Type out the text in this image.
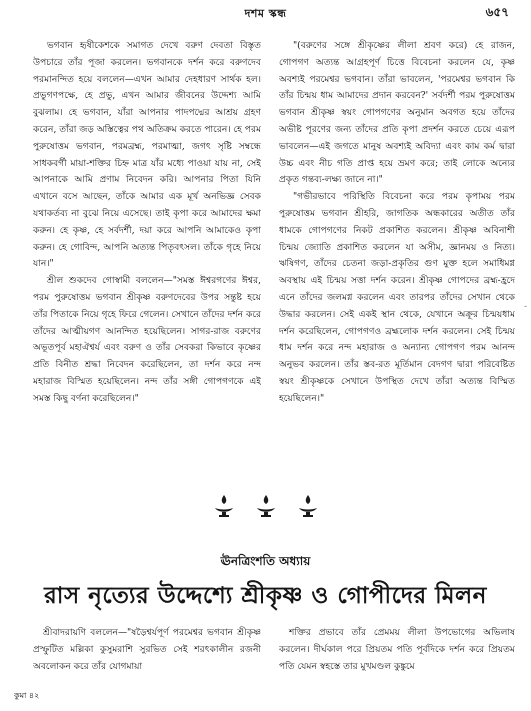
দশম স্কন্ধ	৬৫৭

ভগবান হৃষীকেশকে সমাগত দেখে বরুণ দেবতা বিস্তৃত উপচারে তাঁর পূজা করলেন। ভগবানকে দর্শন করে বরুণদেব পরমানন্দিত হয়ে বললেন—এখন আমার দেহধারণ সার্থক হল। প্রভুগণপক্ষে, হে প্রভু, এখন আমার জীবনের উদ্দেশ্য আমি বুঝলাম। হে ভগবান, যাঁরা আপনার পাদপদ্মের আশ্রয় গ্রহণ করেন, তাঁরা জড় অস্তিত্বের পথ অতিক্রম করতে পারেন। হে পরম পুরুষোত্তম ভগবান, পরমব্রহ্ম, পরমাত্মা, জগৎ সৃষ্টি সম্বন্ধে সাধকবর্গী মায়া-শক্তির চিহ্ন মাত্র যাঁর মধ্যে পাওয়া যায় না, সেই আপনাকে আমি প্রণাম নিবেদন করি। আপনার পিতা যিনি এখানে বসে আছেন, তাঁকে আমার এক মূর্খ অনভিজ্ঞ সেবক যথাকর্তব্য না বুঝে নিয়ে এসেছে। তাই কৃপা করে আমাদের ক্ষমা করুন। হে কৃষ্ণ, হে সর্বদর্শী, দয়া করে আপনি আমাকেও কৃপা করুন। হে গোবিন্দ, আপনি অত্যন্ত পিতৃবৎসল। তাঁকে গৃহে নিয়ে যান।"

শ্রীল শুকদেব গোস্বামী বললেন—"সমস্ত ঈশ্বরগণের ঈশ্বর, পরম পুরুষোত্তম ভগবান শ্রীকৃষ্ণ বরুণদেবের উপর সন্তুষ্ট হয়ে তাঁর পিতাকে নিয়ে গৃহে ফিরে গেলেন। সেখানে তাঁদের দর্শন করে তাঁদের আত্মীয়গণ আনন্দিত হয়েছিলেন। সাগর-রাজ বরুণের অভূতপূর্ব মহাঐশ্বর্য এবং বরুণ ও তাঁর সেবকরা কিভাবে কৃষ্ণের প্রতি বিনীত শ্রদ্ধা নিবেদন করেছিলেন, তা দর্শন করে নন্দ মহারাজ বিস্মিত হয়েছিলেন। নন্দ তাঁর সঙ্গী গোপগণকে এই সমস্ত কিছু বর্ণনা করেছিলেন।"

"(বরুণের সঙ্গে শ্রীকৃষ্ণের লীলা শ্রবণ করে) হে রাজন, গোপগণ অত্যন্ত আগ্রহপূর্ণ চিত্তে বিবেচনা করলেন যে, কৃষ্ণ অবশ্যই পরমেশ্বর ভগবান। তাঁরা ভাবলেন, 'পরমেশ্বর ভগবান কি তাঁর চিন্ময় ধাম আমাদের প্রদান করবেন?' সর্বদর্শী পরম পুরুষোত্তম ভগবান শ্রীকৃষ্ণ স্বয়ং গোপগণের অনুমান অবগত হয়ে তাঁদের অভীষ্ট পূরণের জন্য তাঁদের প্রতি কৃপা প্রদর্শন করতে চেয়ে এরূপ ভাবলেন—এই জগতে মানুষ অবশ্যই অবিদ্যা এবং কাম কর্ম দ্বারা উচ্চ এবং নীচ গতি প্রাপ্ত হয়ে ভ্রমণ করে; তাই লোকে অন্যের প্রকৃত গন্তব্য-লক্ষ্য জানে না।"

"গভীরভাবে পরিস্থিতি বিবেচনা করে পরম কৃপাময় পরম পুরুষোত্তম ভগবান শ্রীহরি, জাগতিক অন্ধকারের অতীত তাঁর ধামকে গোপগণের নিকট প্রকাশিত করলেন। শ্রীকৃষ্ণ অবিনাশী চিন্ময় জ্যোতি প্রকাশিত করলেন যা অসীম, জ্ঞানময় ও নিত্য। ঋষিগণ, তাঁদের চেতনা জড়া-প্রকৃতির গুণ মুক্ত হলে সমাধিমগ্ন অবস্থায় এই চিন্ময় সত্তা দর্শন করেন। শ্রীকৃষ্ণ গোপদের ব্রহ্ম-হ্রদে এনে তাঁদের জলমগ্ন করলেন এবং তারপর তাঁদের সেখান থেকে উদ্ধার করলেন। সেই একই স্থান থেকে, যেখানে অক্রূর চিন্ময়ধাম দর্শন করেছিলেন, গোপগণও ব্রহ্মলোক দর্শন করলেন। সেই চিন্ময় ধাম দর্শন করে নন্দ মহারাজ ও অন্যান্য গোপগণ পরম আনন্দ অনুভব করলেন। তাঁর স্তব-রত মূর্তিমান বেদগণ দ্বারা পরিবেষ্টিত স্বয়ং শ্রীকৃষ্ণকে সেখানে উপস্থিত দেখে তাঁরা অত্যন্ত বিস্মিত হয়েছিলেন।"

-
ঊনত্রিংশতি অধ্যায়
রাস নৃত্যের উদ্দেশ্যে শ্রীকৃষ্ণ ও গোপীদের মিলন

শ্রীবাদরায়ণি বললেন—"ষড়ৈশ্বর্যপূর্ণ পরমেশ্বর ভগবান শ্রীকৃষ্ণ প্রস্ফুটিত মল্লিকা কুসুমরাশি সুরভিত সেই শরৎকালীন রজনী অবলোকন করে তাঁর যোগমায়া

শক্তির প্রভাবে তাঁর প্রেমময় লীলা উপভোগের অভিলাষ করলেন। দীর্ঘকাল পরে প্রিয়তম পতি পূর্বদিকে দর্শন করে প্রিয়তম পতি যেমন স্বহস্তে তার মুখমণ্ডল কুঙ্কুমে

কুমা ৪২
